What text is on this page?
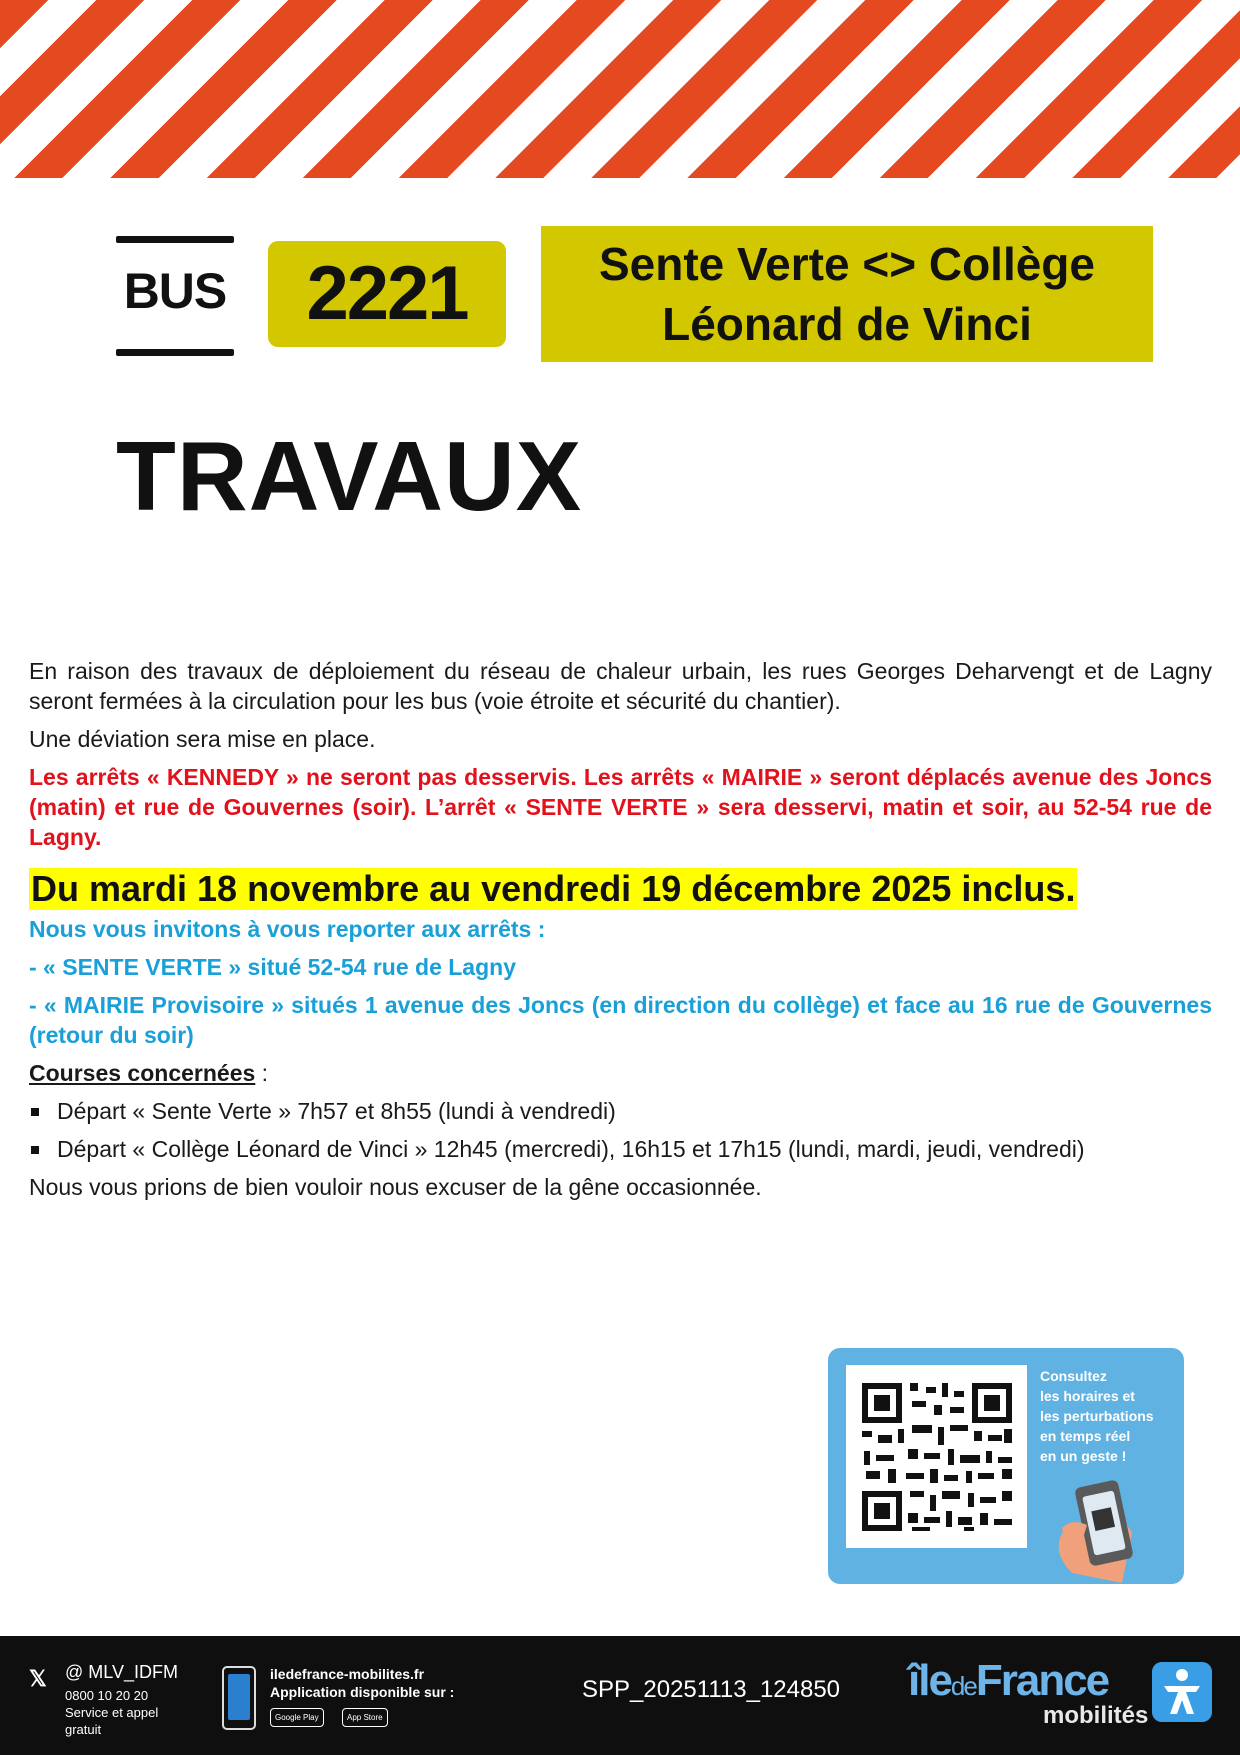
BUS	2221	Sente Verte <> Collège
Léonard de Vinci
TRAVAUX

En raison des travaux de déploiement du réseau de chaleur urbain, les rues Georges Deharvengt et de Lagny seront fermées à la circulation pour les bus (voie étroite et sécurité du chantier).

Une déviation sera mise en place.

Les arrêts « KENNEDY » ne seront pas desservis. Les arrêts « MAIRIE » seront déplacés avenue des Joncs (matin) et rue de Gouvernes (soir). L’arrêt « SENTE VERTE » sera desservi, matin et soir, au 52-54 rue de Lagny.

Du mardi 18 novembre au vendredi 19 décembre 2025 inclus.

Nous vous invitons à vous reporter aux arrêts :

- « SENTE VERTE » situé 52-54 rue de Lagny

- « MAIRIE Provisoire » situés 1 avenue des Joncs (en direction du collège) et face au 16 rue de Gouvernes (retour du soir)

Courses concernées :

Départ « Sente Verte » 7h57 et 8h55 (lundi à vendredi)
Départ « Collège Léonard de Vinci » 12h45 (mercredi), 16h15 et 17h15 (lundi, mardi, jeudi, vendredi)

Nous vous prions de bien vouloir nous excuser de la gêne occasionnée.

Consultez
les horaires et
les perturbations
en temps réel
en un geste !
𝕏 @ MLV_IDFM
0800 10 20 20
Service et appel gratuit
iledefrance-mobilites.fr
Application disponible sur :
Google Play	App Store
SPP_20251113_124850 îledeFrance
mobilités
